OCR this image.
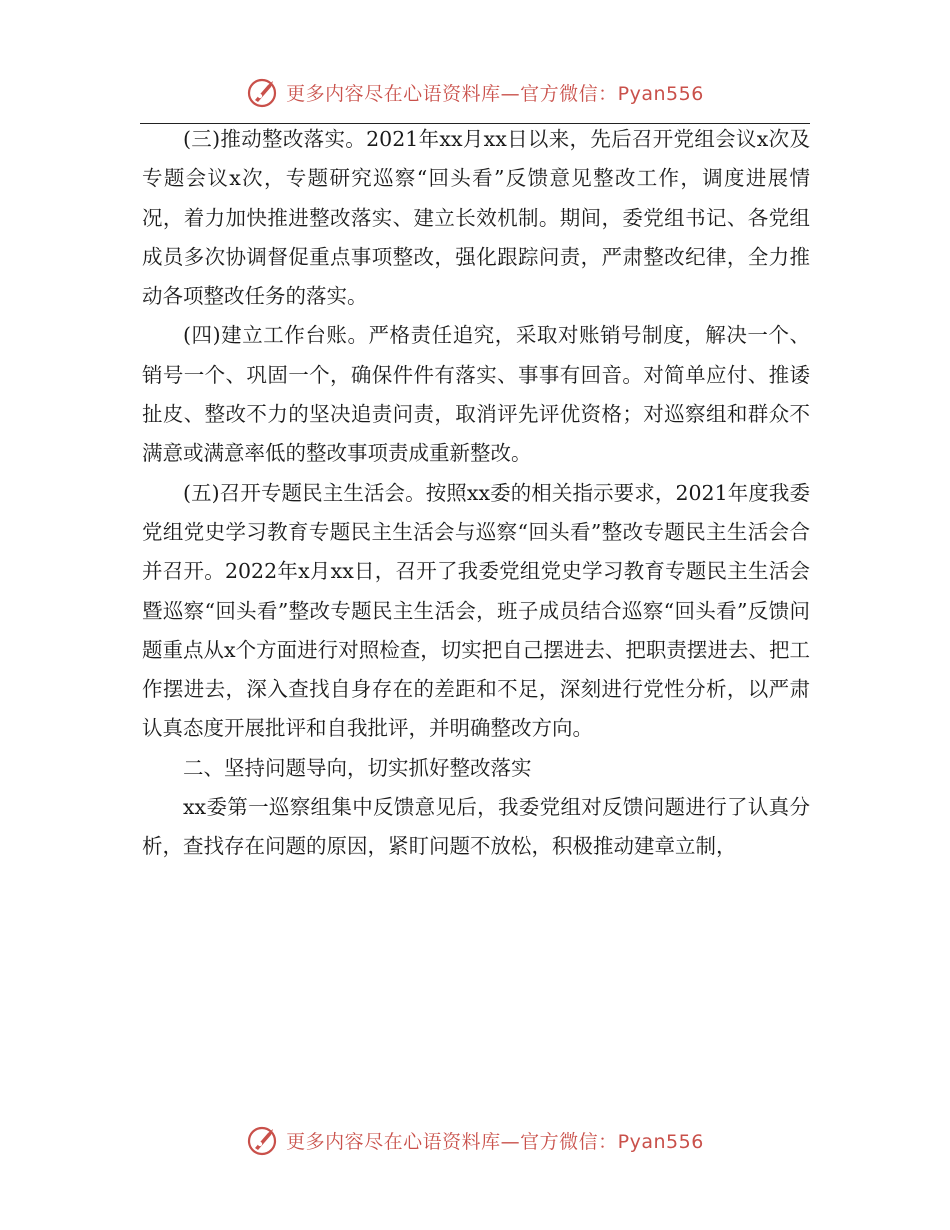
更多内容尽在心语资料库—官方微信：Pyan556

(三)推动整改落实。2021年xx月xx日以来，先后召开党组会议x次及专题会议x次，专题研究巡察“回头看”反馈意见整改工作，调度进展情况，着力加快推进整改落实、建立长效机制。期间，委党组书记、各党组成员多次协调督促重点事项整改，强化跟踪问责，严肃整改纪律，全力推动各项整改任务的落实。

(四)建立工作台账。严格责任追究，采取对账销号制度，解决一个、销号一个、巩固一个，确保件件有落实、事事有回音。对简单应付、推诿扯皮、整改不力的坚决追责问责，取消评先评优资格；对巡察组和群众不满意或满意率低的整改事项责成重新整改。

(五)召开专题民主生活会。按照xx委的相关指示要求，2021年度我委党组党史学习教育专题民主生活会与巡察“回头看”整改专题民主生活会合并召开。2022年x月xx日，召开了我委党组党史学习教育专题民主生活会暨巡察“回头看”整改专题民主生活会，班子成员结合巡察“回头看”反馈问题重点从x个方面进行对照检查，切实把自己摆进去、把职责摆进去、把工作摆进去，深入查找自身存在的差距和不足，深刻进行党性分析，以严肃认真态度开展批评和自我批评，并明确整改方向。

二、坚持问题导向，切实抓好整改落实

xx委第一巡察组集中反馈意见后，我委党组对反馈问题进行了认真分析，查找存在问题的原因，紧盯问题不放松，积极推动建章立制，

更多内容尽在心语资料库—官方微信：Pyan556
